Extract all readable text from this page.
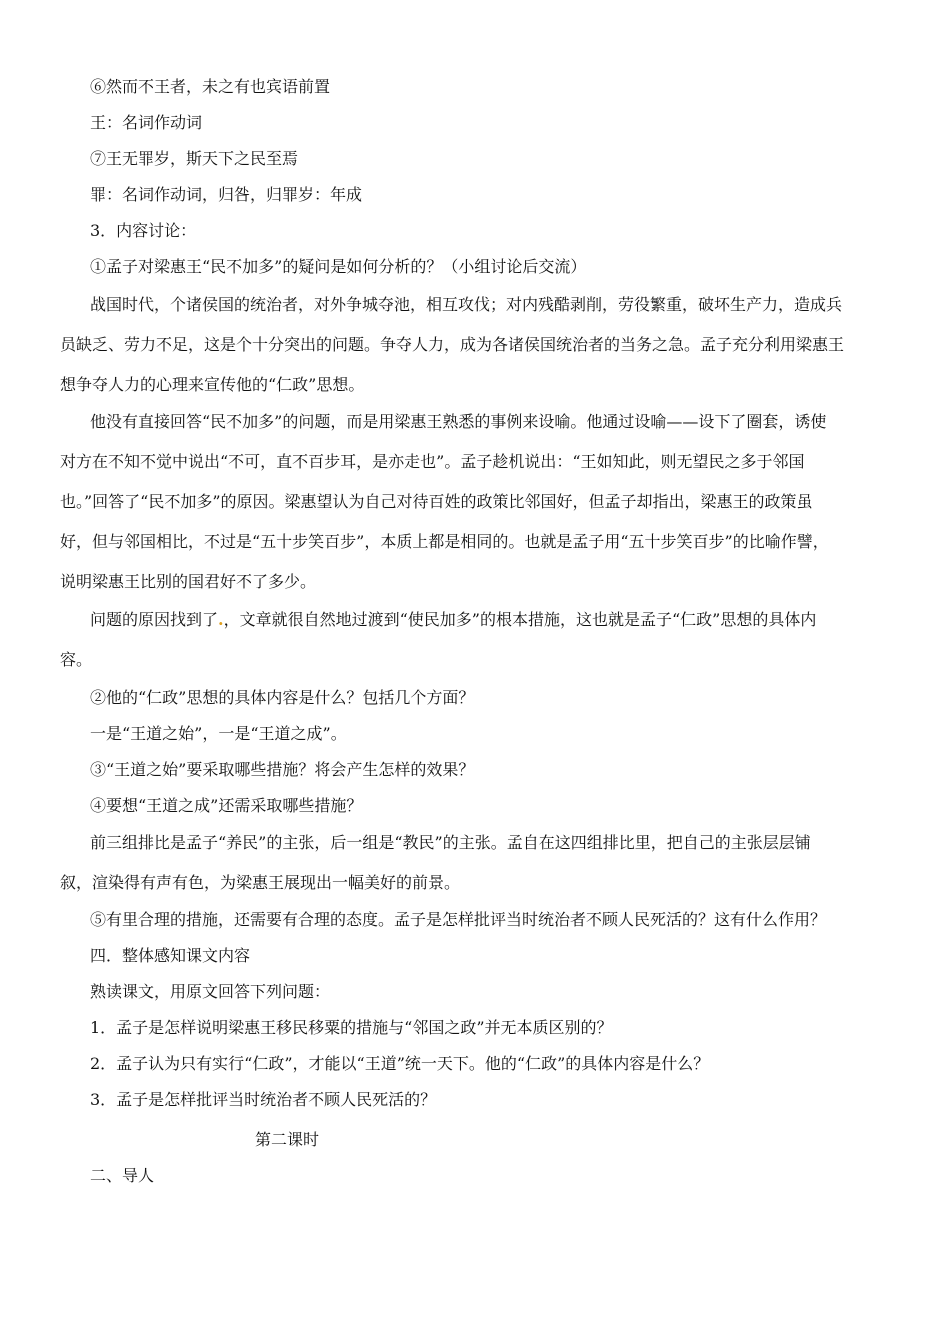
⑥然而不王者，未之有也宾语前置
王：名词作动词
⑦王无罪岁，斯天下之民至焉
罪：名词作动词，归咎，归罪岁：年成
3．内容讨论：
①孟子对梁惠王“民不加多”的疑问是如何分析的？（小组讨论后交流）
战国时代，个诸侯国的统治者，对外争城夺池，相互攻伐；对内残酷剥削，劳役繁重，破坏生产力，造成兵
员缺乏、劳力不足，这是个十分突出的问题。争夺人力，成为各诸侯国统治者的当务之急。孟子充分利用梁惠王
想争夺人力的心理来宣传他的“仁政”思想。
他没有直接回答“民不加多”的问题，而是用梁惠王熟悉的事例来设喻。他通过设喻——设下了圈套，诱使
对方在不知不觉中说出“不可，直不百步耳，是亦走也”。孟子趁机说出：“王如知此，则无望民之多于邻国
也。”回答了“民不加多”的原因。梁惠望认为自己对待百姓的政策比邻国好，但孟子却指出，梁惠王的政策虽
好，但与邻国相比，不过是“五十步笑百步”，本质上都是相同的。也就是孟子用“五十步笑百步”的比喻作譬，
说明梁惠王比别的国君好不了多少。
问题的原因找到了.，文章就很自然地过渡到“使民加多”的根本措施，这也就是孟子“仁政”思想的具体内
容。
②他的“仁政”思想的具体内容是什么？包括几个方面？
一是“王道之始”，一是“王道之成”。
③“王道之始”要采取哪些措施？将会产生怎样的效果？
④要想“王道之成”还需采取哪些措施？
前三组排比是孟子“养民”的主张，后一组是“教民”的主张。孟自在这四组排比里，把自己的主张层层铺
叙，渲染得有声有色，为梁惠王展现出一幅美好的前景。
⑤有里合理的措施，还需要有合理的态度。孟子是怎样批评当时统治者不顾人民死活的？这有什么作用？
四．整体感知课文内容
熟读课文，用原文回答下列问题：
1．孟子是怎样说明梁惠王移民移粟的措施与“邻国之政”并无本质区别的？
2．孟子认为只有实行“仁政”，才能以“王道”统一天下。他的“仁政”的具体内容是什么？
3．孟子是怎样批评当时统治者不顾人民死活的？
第二课时
二、导人
